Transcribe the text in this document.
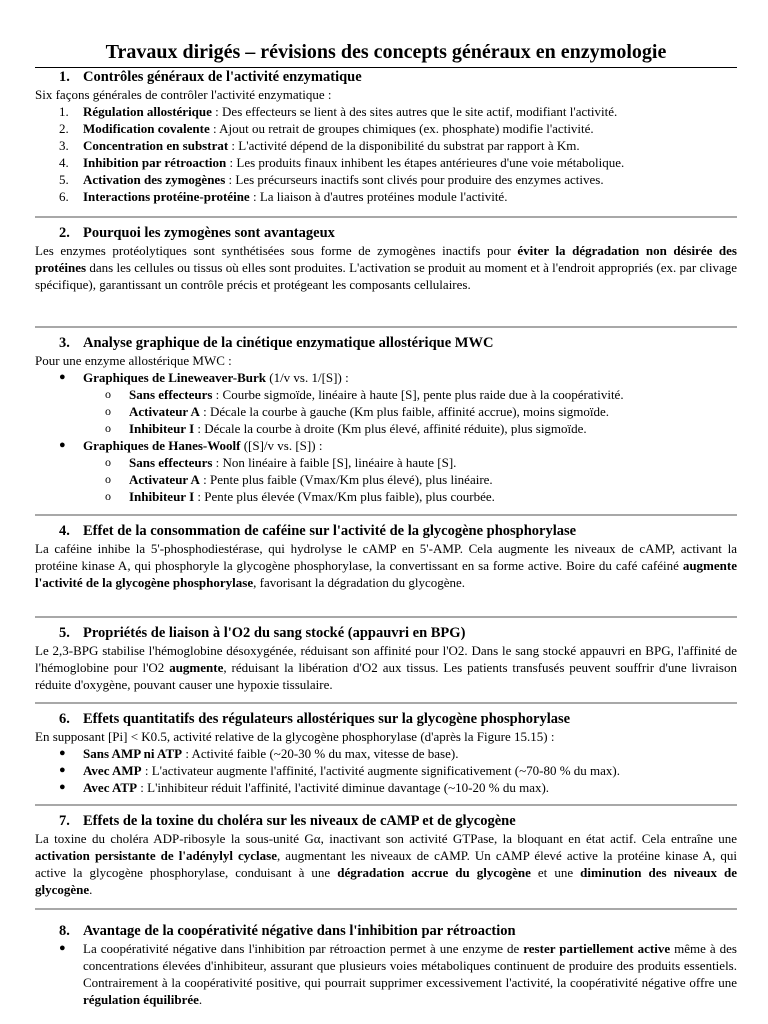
Travaux dirigés – révisions des concepts généraux en enzymologie

1. Contrôles généraux de l'activité enzymatique

Six façons générales de contrôler l'activité enzymatique :

1. Régulation allostérique : Des effecteurs se lient à des sites autres que le site actif, modifiant l'activité.
2. Modification covalente : Ajout ou retrait de groupes chimiques (ex. phosphate) modifie l'activité.
3. Concentration en substrat : L'activité dépend de la disponibilité du substrat par rapport à Km.
4. Inhibition par rétroaction : Les produits finaux inhibent les étapes antérieures d'une voie métabolique.
5. Activation des zymogènes : Les précurseurs inactifs sont clivés pour produire des enzymes actives.
6. Interactions protéine-protéine : La liaison à d'autres protéines module l'activité.

2. Pourquoi les zymogènes sont avantageux

Les enzymes protéolytiques sont synthétisées sous forme de zymogènes inactifs pour éviter la dégradation non désirée des protéines dans les cellules ou tissus où elles sont produites. L'activation se produit au moment et à l'endroit appropriés (ex. par clivage spécifique), garantissant un contrôle précis et protégeant les composants cellulaires.

3. Analyse graphique de la cinétique enzymatique allostérique MWC

Pour une enzyme allostérique MWC :

● Graphiques de Lineweaver-Burk (1/v vs. 1/[S]) :
o Sans effecteurs : Courbe sigmoïde, linéaire à haute [S], pente plus raide due à la coopérativité.
o Activateur A : Décale la courbe à gauche (Km plus faible, affinité accrue), moins sigmoïde.
o Inhibiteur I : Décale la courbe à droite (Km plus élevé, affinité réduite), plus sigmoïde.
● Graphiques de Hanes-Woolf ([S]/v vs. [S]) :
o Sans effecteurs : Non linéaire à faible [S], linéaire à haute [S].
o Activateur A : Pente plus faible (Vmax/Km plus élevé), plus linéaire.
o Inhibiteur I : Pente plus élevée (Vmax/Km plus faible), plus courbée.

4. Effet de la consommation de caféine sur l'activité de la glycogène phosphorylase

La caféine inhibe la 5'-phosphodiestérase, qui hydrolyse le cAMP en 5'-AMP. Cela augmente les niveaux de cAMP, activant la protéine kinase A, qui phosphoryle la glycogène phosphorylase, la convertissant en sa forme active. Boire du café caféiné augmente l'activité de la glycogène phosphorylase, favorisant la dégradation du glycogène.

5. Propriétés de liaison à l'O2 du sang stocké (appauvri en BPG)

Le 2,3-BPG stabilise l'hémoglobine désoxygénée, réduisant son affinité pour l'O2. Dans le sang stocké appauvri en BPG, l'affinité de l'hémoglobine pour l'O2 augmente, réduisant la libération d'O2 aux tissus. Les patients transfusés peuvent souffrir d'une livraison réduite d'oxygène, pouvant causer une hypoxie tissulaire.

6. Effets quantitatifs des régulateurs allostériques sur la glycogène phosphorylase

En supposant [Pi] < K0.5, activité relative de la glycogène phosphorylase (d'après la Figure 15.15) :

● Sans AMP ni ATP : Activité faible (~20-30 % du max, vitesse de base).
● Avec AMP : L'activateur augmente l'affinité, l'activité augmente significativement (~70-80 % du max).
● Avec ATP : L'inhibiteur réduit l'affinité, l'activité diminue davantage (~10-20 % du max).

7. Effets de la toxine du choléra sur les niveaux de cAMP et de glycogène

La toxine du choléra ADP-ribosyle la sous-unité Gα, inactivant son activité GTPase, la bloquant en état actif. Cela entraîne une activation persistante de l'adénylyl cyclase, augmentant les niveaux de cAMP. Un cAMP élevé active la protéine kinase A, qui active la glycogène phosphorylase, conduisant à une dégradation accrue du glycogène et une diminution des niveaux de glycogène.

8. Avantage de la coopérativité négative dans l'inhibition par rétroaction

● La coopérativité négative dans l'inhibition par rétroaction permet à une enzyme de rester partiellement active même à des concentrations élevées d'inhibiteur, assurant que plusieurs voies métaboliques continuent de produire des produits essentiels. Contrairement à la coopérativité positive, qui pourrait supprimer excessivement l'activité, la coopérativité négative offre une régulation équilibrée.
